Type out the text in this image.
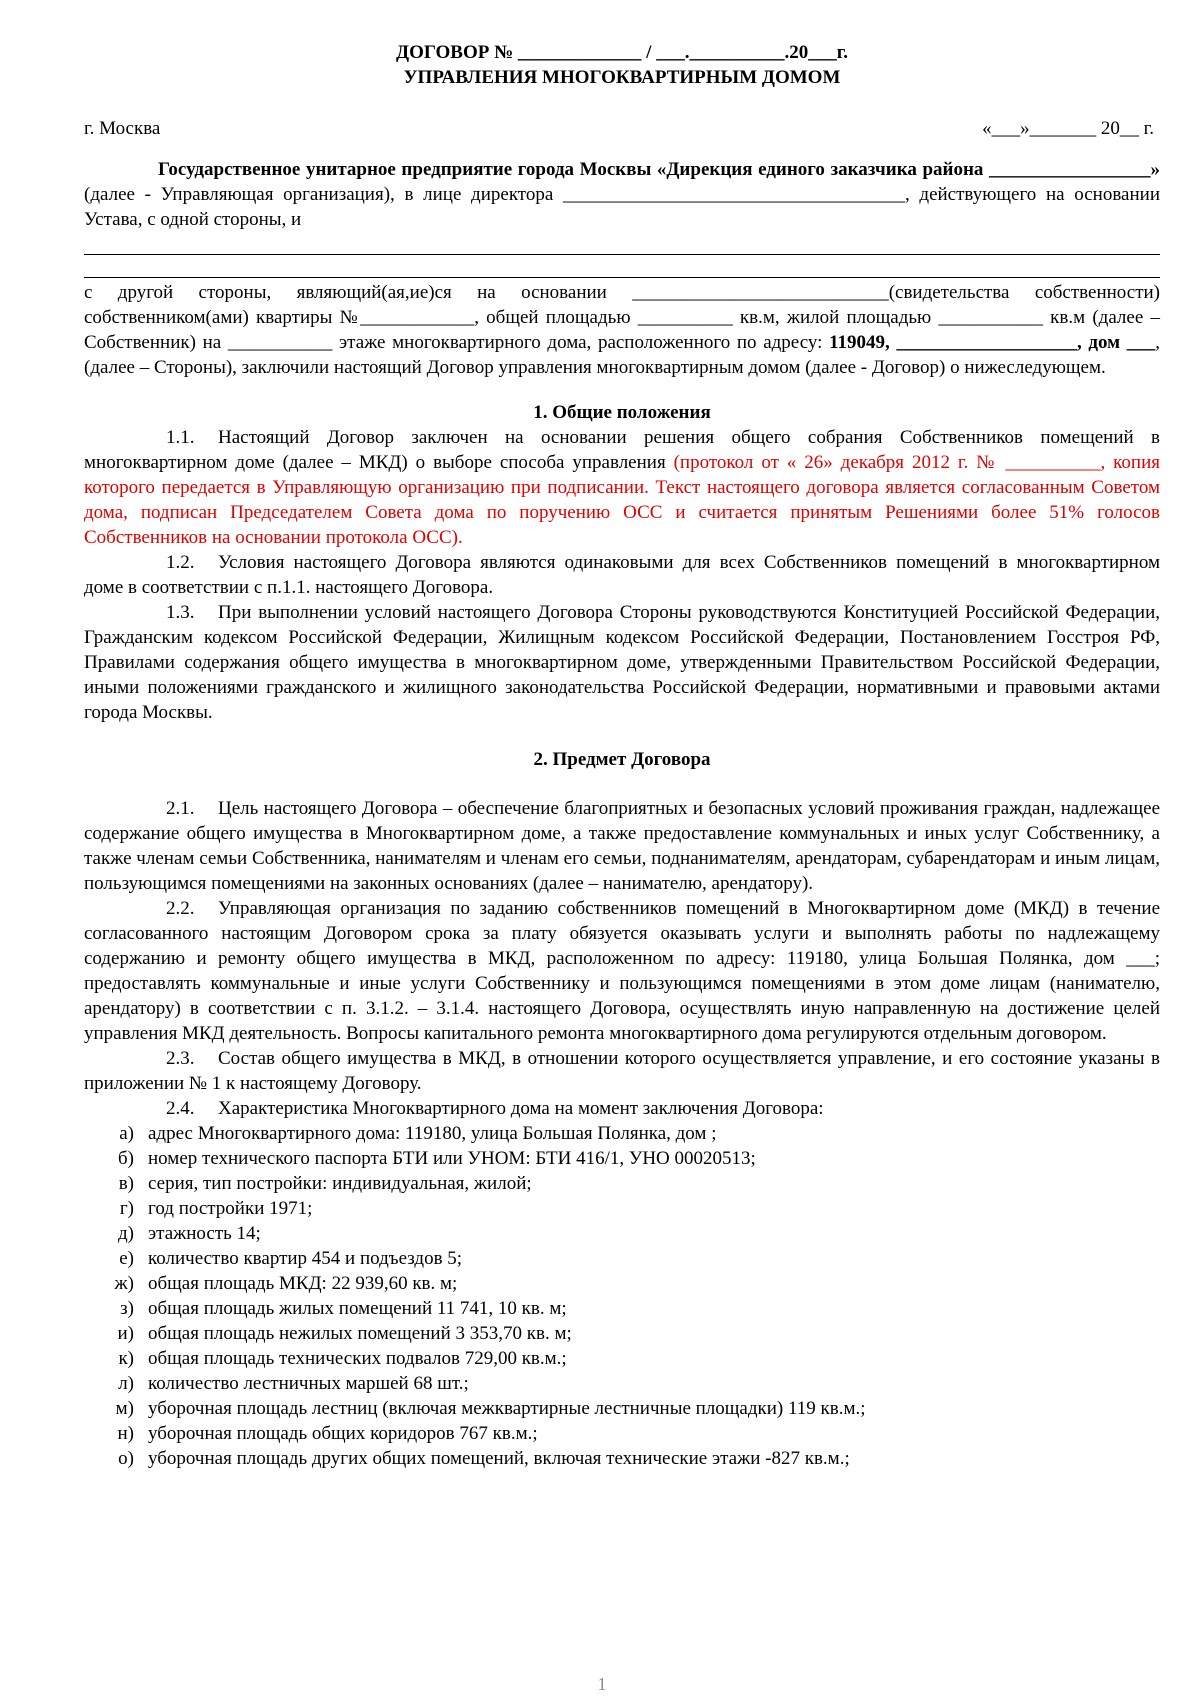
ДОГОВОР № _____________ / ___.__________.20___г.
УПРАВЛЕНИЯ МНОГОКВАРТИРНЫМ ДОМОМ
г. Москва	«___»_______ 20__ г.
Государственное унитарное предприятие города Москвы «Дирекция единого заказчика района _________________» (далее - Управляющая организация), в лице директора ____________________________________, действующего на основании Устава, с одной стороны, и
с другой стороны, являющий(ая,ие)ся на основании ___________________________(свидетельства собственности) собственником(ами) квартиры №____________, общей площадью __________ кв.м, жилой площадью ___________ кв.м (далее – Собственник) на ___________ этаже многоквартирного дома, расположенного по адресу: 119049, ___________________, дом ___, (далее – Стороны), заключили настоящий Договор управления многоквартирным домом (далее - Договор) о нижеследующем.
1. Общие положения
1.1. Настоящий Договор заключен на основании решения общего собрания Собственников помещений в многоквартирном доме (далее – МКД) о выборе способа управления (протокол от « 26» декабря 2012 г. № __________, копия которого передается в Управляющую организацию при подписании. Текст настоящего договора является согласованным Советом дома, подписан Председателем Совета дома по поручению ОСС и считается принятым Решениями более 51% голосов Собственников на основании протокола ОСС).
1.2. Условия настоящего Договора являются одинаковыми для всех Собственников помещений в многоквартирном доме в соответствии с п.1.1. настоящего Договора.
1.3. При выполнении условий настоящего Договора Стороны руководствуются Конституцией Российской Федерации, Гражданским кодексом Российской Федерации, Жилищным кодексом Российской Федерации, Постановлением Госстроя РФ, Правилами содержания общего имущества в многоквартирном доме, утвержденными Правительством Российской Федерации, иными положениями гражданского и жилищного законодательства Российской Федерации, нормативными и правовыми актами города Москвы.
2. Предмет Договора
2.1. Цель настоящего Договора – обеспечение благоприятных и безопасных условий проживания граждан, надлежащее содержание общего имущества в Многоквартирном доме, а также предоставление коммунальных и иных услуг Собственнику, а также членам семьи Собственника, нанимателям и членам его семьи, поднанимателям, арендаторам, субарендаторам и иным лицам, пользующимся помещениями на законных основаниях (далее – нанимателю, арендатору).
2.2. Управляющая организация по заданию собственников помещений в Многоквартирном доме (МКД) в течение согласованного настоящим Договором срока за плату обязуется оказывать услуги и выполнять работы по надлежащему содержанию и ремонту общего имущества в МКД, расположенном по адресу: 119180, улица Большая Полянка, дом ___; предоставлять коммунальные и иные услуги Собственнику и пользующимся помещениями в этом доме лицам (нанимателю, арендатору) в соответствии с п. 3.1.2. – 3.1.4. настоящего Договора, осуществлять иную направленную на достижение целей управления МКД деятельность. Вопросы капитального ремонта многоквартирного дома регулируются отдельным договором.
2.3. Состав общего имущества в МКД, в отношении которого осуществляется управление, и его состояние указаны в приложении № 1 к настоящему Договору.
2.4. Характеристика Многоквартирного дома на момент заключения Договора:
а) адрес Многоквартирного дома: 119180, улица Большая Полянка, дом ;
б) номер технического паспорта БТИ или УНОМ: БТИ 416/1, УНО 00020513;
в) серия, тип постройки: индивидуальная, жилой;
г) год постройки 1971;
д) этажность 14;
е) количество квартир 454 и подъездов 5;
ж) общая площадь МКД: 22 939,60 кв. м;
з) общая площадь жилых помещений 11 741, 10 кв. м;
и) общая площадь нежилых помещений 3 353,70 кв. м;
к) общая площадь технических подвалов 729,00 кв.м.;
л) количество лестничных маршей 68 шт.;
м) уборочная площадь лестниц (включая межквартирные лестничные площадки) 119 кв.м.;
н) уборочная площадь общих коридоров 767 кв.м.;
о) уборочная площадь других общих помещений, включая технические этажи -827 кв.м.;
1
